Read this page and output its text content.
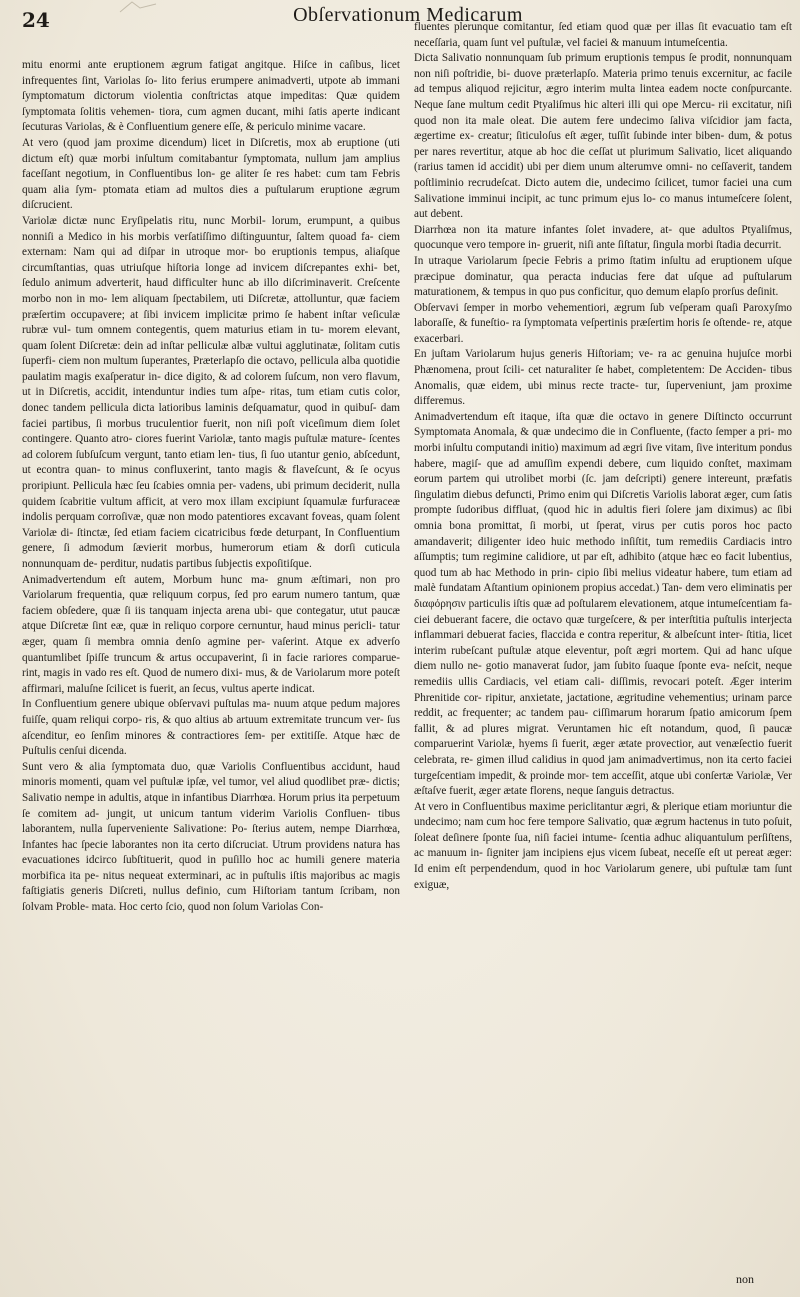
24	Obſervationum Medicarum

mitu enormi ante eruptionem ægrum fatigat angitque. Hiſce in caſibus, licet infrequentes ſint, Variolas ſo- lito ferius erumpere animadverti, utpote ab immani ſymptomatum dictorum violentia conſtrictas atque impeditas: Quæ quidem ſymptomata ſolitis vehemen- tiora, cum agmen ducant, mihi ſatis aperte indicant ſecuturas Variolas, & è Confluentium genere eſſe, & periculo minime vacare.

At vero (quod jam proxime dicendum) licet in Diſcretis, mox ab eruptione (uti dictum eſt) quæ morbi inſultum comitabantur ſymptomata, nullum jam amplius faceſſant negotium, in Confluentibus lon- ge aliter ſe res habet: cum tam Febris quam alia ſym- ptomata etiam ad multos dies a puſtularum eruptione ægrum diſcrucient.

Variolæ dictæ nunc Eryſipelatis ritu, nunc Morbil- lorum, erumpunt, a quibus nonniſi a Medico in his morbis verſatiſſimo diſtinguuntur, ſaltem quoad fa- ciem externam: Nam qui ad diſpar in utroque mor- bo eruptionis tempus, aliaſque circumſtantias, quas utriuſque hiſtoria longe ad invicem diſcrepantes exhi- bet, ſedulo animum adverterit, haud difficulter hunc ab illo diſcriminaverit. Creſcente morbo non in mo- lem aliquam ſpectabilem, uti Diſcretæ, attolluntur, quæ faciem præſertim occupavere; at ſibi invicem implicitæ primo ſe habent inſtar veſiculæ rubræ vul- tum omnem contegentis, quem maturius etiam in tu- morem elevant, quam ſolent Diſcretæ: dein ad inſtar pelliculæ albæ vultui agglutinatæ, ſolitam cutis ſuperfi- ciem non multum ſuperantes, Præterlapſo die octavo, pellicula alba quotidie paulatim magis exaſperatur in- dice digito, & ad colorem ſuſcum, non vero flavum, ut in Diſcretis, accidit, intenduntur indies tum aſpe- ritas, tum etiam cutis color, donec tandem pellicula dicta latioribus laminis deſquamatur, quod in quibuſ- dam faciei partibus, ſi morbus truculentior fuerit, non niſi poſt viceſimum diem ſolet contingere. Quanto atro- ciores fuerint Variolæ, tanto magis puſtulæ mature- ſcentes ad colorem ſubſuſcum vergunt, tanto etiam len- tius, ſi ſuo utantur genio, abſcedunt, ut econtra quan- to minus confluxerint, tanto magis & flaveſcunt, & ſe ocyus proripiunt. Pellicula hæc ſeu ſcabies omnia per- vadens, ubi primum deciderit, nulla quidem ſcabritie vultum afficit, at vero mox illam excipiunt ſquamulæ furfuraceæ indolis perquam corroſivæ, quæ non modo patentiores excavant foveas, quam ſolent Variolæ di- ſtinctæ, ſed etiam faciem cicatricibus fœde deturpant, In Confluentium genere, ſi admodum ſævierit morbus, humerorum etiam & dorſi cuticula nonnunquam de- perditur, nudatis partibus ſubjectis expoſitiſque.

Animadvertendum eſt autem, Morbum hunc ma- gnum æſtimari, non pro Variolarum frequentia, quæ reliquum corpus, ſed pro earum numero tantum, quæ faciem obſedere, quæ ſi iis tanquam injecta arena ubi- que contegatur, utut paucæ atque Diſcretæ ſint eæ, quæ in reliquo corpore cernuntur, haud minus pericli- tatur æger, quam ſi membra omnia denſo agmine per- vaſerint. Atque ex adverſo quantumlibet ſpiſſe truncum & artus occupaverint, ſi in facie rariores comparue- rint, magis in vado res eſt. Quod de numero dixi- mus, & de Variolarum more poteſt affirmari, maluſne ſcilicet is fuerit, an ſecus, vultus aperte indicat.

In Confluentium genere ubique obſervavi puſtulas ma- nuum atque pedum majores fuiſſe, quam reliqui corpo- ris, & quo altius ab artuum extremitate truncum ver- ſus aſcenditur, eo ſenſim minores & contractiores ſem- per extitiſſe. Atque hæc de Puſtulis cenſui dicenda.

Sunt vero & alia ſymptomata duo, quæ Variolis Confluentibus accidunt, haud minoris momenti, quam vel puſtulæ ipſæ, vel tumor, vel aliud quodlibet præ- dictis; Salivatio nempe in adultis, atque in infantibus Diarrhœa. Horum prius ita perpetuum ſe comitem ad- jungit, ut unicum tantum viderim Variolis Confluen- tibus laborantem, nulla ſuperveniente Salivatione: Po- ſterius autem, nempe Diarrhœa, Infantes hac ſpecie laborantes non ita certo diſcruciat. Utrum providens natura has evacuationes idcirco ſubſtituerit, quod in puſillo hoc ac humili genere materia morbifica ita pe- nitus nequeat exterminari, ac in puſtulis iſtis majoribus ac magis faſtigiatis generis Diſcreti, nullus definio, cum Hiſtoriam tantum ſcribam, non ſolvam Proble- mata. Hoc certo ſcio, quod non ſolum Variolas Con-

fluentes plerunque comitantur, ſed etiam quod quæ per illas ſit evacuatio tam eſt neceſſaria, quam ſunt vel puſtulæ, vel faciei & manuum intumeſcentia.

Dicta Salivatio nonnunquam ſub primum eruptionis tempus ſe prodit, nonnunquam non niſi poſtridie, bi- duove præterlapſo. Materia primo tenuis excernitur, ac facile ad tempus aliquod rejicitur, ægro interim multa lintea eadem nocte conſpurcante. Neque ſane multum cedit Ptyaliſmus hic alteri illi qui ope Mercu- rii excitatur, niſi quod non ita male oleat. Die autem fere undecimo ſaliva viſcidior jam facta, ægertime ex- creatur; ſiticuloſus eſt æger, tuſſit ſubinde inter biben- dum, & potus per nares revertitur, atque ab hoc die ceſſat ut plurimum Salivatio, licet aliquando (rarius tamen id accidit) ubi per diem unum alterumve omni- no ceſſaverit, tandem poſtliminio recrudeſcat. Dicto autem die, undecimo ſcilicet, tumor faciei una cum Salivatione imminui incipit, ac tunc primum ejus lo- co manus intumeſcere ſolent, aut debent.

Diarrhœa non ita mature infantes ſolet invadere, at- que adultos Ptyaliſmus, quocunque vero tempore in- gruerit, niſi ante ſiſtatur, ſingula morbi ſtadia decurrit.

In utraque Variolarum ſpecie Febris a primo ſtatim inſultu ad eruptionem uſque præcipue dominatur, qua peracta inducias fere dat uſque ad puſtularum maturationem, & tempus in quo pus conficitur, quo demum elapſo prorſus deſinit.

Obſervavi ſemper in morbo vehementiori, ægrum ſub veſperam quaſi Paroxyſmo laboraſſe, & funeſtio- ra ſymptomata veſpertinis præſertim horis ſe oſtende- re, atque exacerbari.

En juſtam Variolarum hujus generis Hiſtoriam; ve- ra ac genuina hujuſce morbi Phænomena, prout ſcili- cet naturaliter ſe habet, completentem: De Acciden- tibus Anomalis, quæ eidem, ubi minus recte tracte- tur, ſuperveniunt, jam proxime differemus.

Animadvertendum eſt itaque, iſta quæ die octavo in genere Diſtincto occurrunt Symptomata Anomala, & quæ undecimo die in Confluente, (facto ſemper a pri- mo morbi inſultu computandi initio) maximum ad ægri ſive vitam, ſive interitum pondus habere, magiſ- que ad amuſſim expendi debere, cum liquido conſtet, maximam eorum partem qui utrolibet morbi (ſc. jam deſcripti) genere intereunt, præfatis ſingulatim diebus defuncti, Primo enim qui Diſcretis Variolis laborat æger, cum ſatis prompte ſudoribus diffluat, (quod hic in adultis fieri ſolere jam diximus) ac ſibi omnia bona promittat, ſi morbi, ut ſperat, virus per cutis poros hoc pacto amandaverit; diligenter ideo huic methodo inſiſtit, tum remediis Cardiacis intro aſſumptis; tum regimine calidiore, ut par eſt, adhibito (atque hæc eo facit lubentius, quod tum ab hac Methodo in prin- cipio ſibi melius videatur habere, tum etiam ad malè fundatam Aſtantium opinionem propius accedat.) Tan- dem vero eliminatis per διαφόρησιν particulis iſtis quæ ad poſtularem elevationem, atque intumeſcentiam fa- ciei debuerant facere, die octavo quæ turgeſcere, & per interſtitia puſtulis interjecta inflammari debuerat facies, flaccida e contra reperitur, & albeſcunt inter- ſtitia, licet interim rubeſcant puſtulæ atque eleventur, poſt ægri mortem. Qui ad hanc uſque diem nullo ne- gotio manaverat ſudor, jam ſubito ſuaque ſponte eva- neſcit, neque remediis ullis Cardiacis, vel etiam cali- diſſimis, revocari poteſt. Æger interim Phrenitide cor- ripitur, anxietate, jactatione, ægritudine vehementius; urinam parce reddit, ac frequenter; ac tandem pau- ciſſimarum horarum ſpatio amicorum ſpem fallit, & ad plures migrat. Veruntamen hic eſt notandum, quod, ſi paucæ comparuerint Variolæ, hyems ſi fuerit, æger ætate provectior, aut venæſectio fuerit celebrata, re- gimen illud calidius in quod jam animadvertimus, non ita certo faciei turgeſcentiam impedit, & proinde mor- tem acceſſit, atque ubi conſertæ Variolæ, Ver æſtaſve fuerit, æger ætate florens, neque ſanguis detractus.

At vero in Confluentibus maxime periclitantur ægri, & plerique etiam moriuntur die undecimo; nam cum hoc fere tempore Salivatio, quæ ægrum hactenus in tuto poſuit, ſoleat deſinere ſponte ſua, niſi faciei intume- ſcentia adhuc aliquantulum perſiſtens, ac manuum in- ſigniter jam incipiens ejus vicem ſubeat, neceſſe eſt ut pereat æger: Id enim eſt perpendendum, quod in hoc Variolarum genere, ubi puſtulæ tam ſunt exiguæ,

non
